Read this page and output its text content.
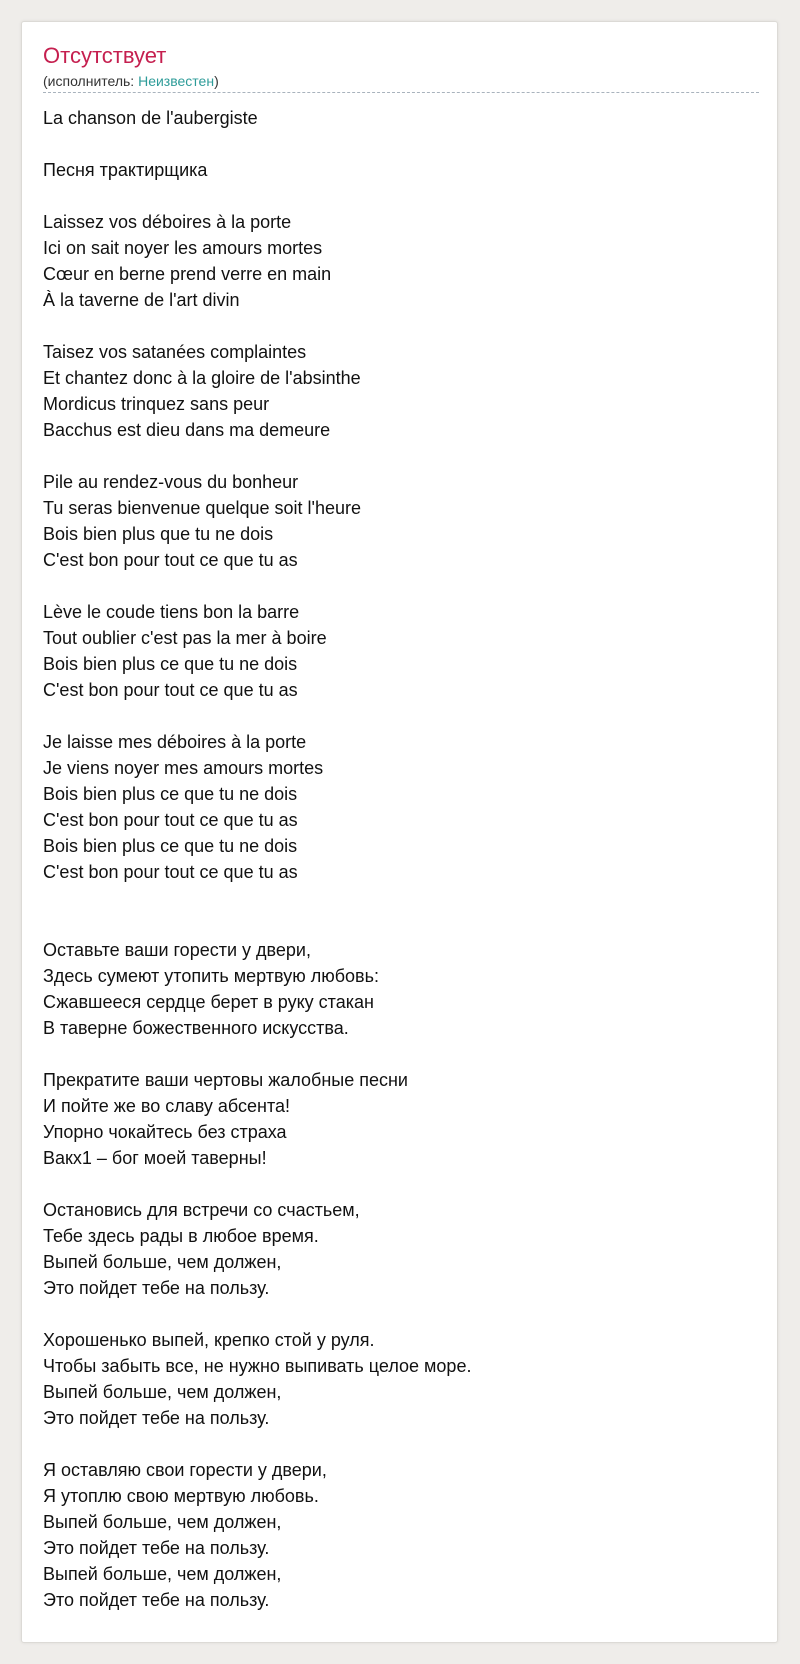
Отсутствует
(исполнитель: Неизвестен)
La chanson de l'aubergiste
Песня трактирщика
Laissez vos déboires à la porte
Ici on sait noyer les amours mortes
Cœur en berne prend verre en main
À la taverne de l'art divin
Taisez vos satanées complaintes
Et chantez donc à la gloire de l'absinthe
Mordicus trinquez sans peur
Bacchus est dieu dans ma demeure
Pile au rendez-vous du bonheur
Tu seras bienvenue quelque soit l'heure
Bois bien plus que tu ne dois
C'est bon pour tout ce que tu as
Lève le coude tiens bon la barre
Tout oublier c'est pas la mer à boire
Bois bien plus ce que tu ne dois
C'est bon pour tout ce que tu as
Je laisse mes déboires à la porte
Je viens noyer mes amours mortes
Bois bien plus ce que tu ne dois
C'est bon pour tout ce que tu as
Bois bien plus ce que tu ne dois
C'est bon pour tout ce que tu as
Оставьте ваши горести у двери,
Здесь сумеют утопить мертвую любовь:
Сжавшееся сердце берет в руку стакан
В таверне божественного искусства.
Прекратите ваши чертовы жалобные песни
И пойте же во славу абсента!
Упорно чокайтесь без страха
Вакх1 – бог моей таверны!
Остановись для встречи со счастьем,
Тебе здесь рады в любое время.
Выпей больше, чем должен,
Это пойдет тебе на пользу.
Хорошенько выпей, крепко стой у руля.
Чтобы забыть все, не нужно выпивать целое море.
Выпей больше, чем должен,
Это пойдет тебе на пользу.
Я оставляю свои горести у двери,
Я утоплю свою мертвую любовь.
Выпей больше, чем должен,
Это пойдет тебе на пользу.
Выпей больше, чем должен,
Это пойдет тебе на пользу.
